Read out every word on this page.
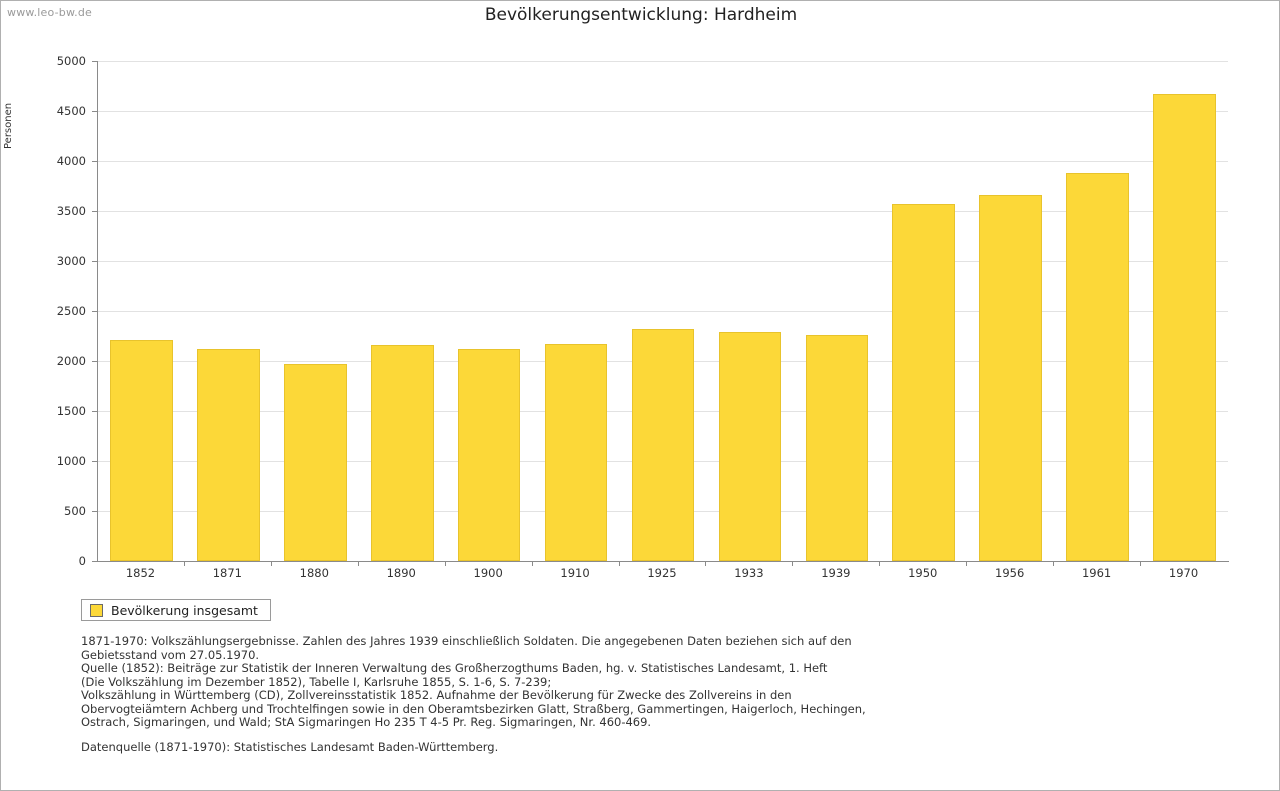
www.leo-bw.de	Bevölkerungsentwicklung: Hardheim
Personen
0
500
1000
1500
2000
2500
3000
3500
4000
4500
5000
1852	1871	1880	1890	1900	1910	1925	1933	1939	1950	1956	1961	1970
Bevölkerung insgesamt
1871-1970: Volkszählungsergebnisse. Zahlen des Jahres 1939 einschließlich Soldaten. Die angegebenen Daten beziehen sich auf den
Gebietsstand vom 27.05.1970.
Quelle (1852): Beiträge zur Statistik der Inneren Verwaltung des Großherzogthums Baden, hg. v. Statistisches Landesamt, 1. Heft
(Die Volkszählung im Dezember 1852), Tabelle I, Karlsruhe 1855, S. 1-6, S. 7-239;
Volkszählung in Württemberg (CD), Zollvereinsstatistik 1852. Aufnahme der Bevölkerung für Zwecke des Zollvereins in den
Obervogteiämtern Achberg und Trochtelfingen sowie in den Oberamtsbezirken Glatt, Straßberg, Gammertingen, Haigerloch, Hechingen,
Ostrach, Sigmaringen, und Wald; StA Sigmaringen Ho 235 T 4-5 Pr. Reg. Sigmaringen, Nr. 460-469.
Datenquelle (1871-1970): Statistisches Landesamt Baden-Württemberg.
